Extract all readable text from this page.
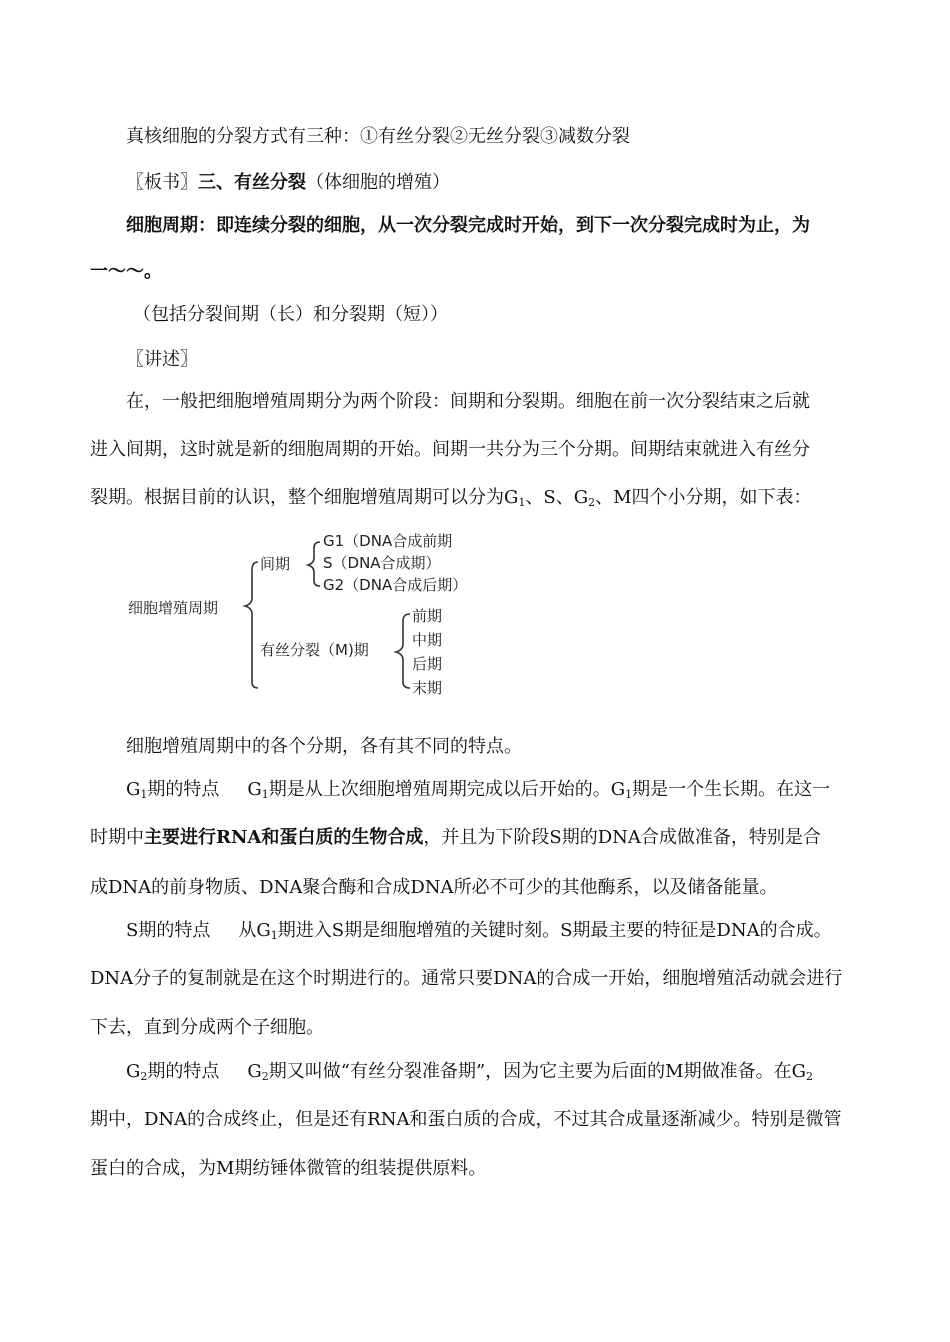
真核细胞的分裂方式有三种：①有丝分裂②无丝分裂③减数分裂
〖板书〗三、有丝分裂（体细胞的增殖）
细胞周期：即连续分裂的细胞，从一次分裂完成时开始，到下一次分裂完成时为止，为
一～～。
（包括分裂间期（长）和分裂期（短））
〖讲述〗
在，一般把细胞增殖周期分为两个阶段：间期和分裂期。细胞在前一次分裂结束之后就
进入间期，这时就是新的细胞周期的开始。间期一共分为三个分期。间期结束就进入有丝分
裂期。根据目前的认识，整个细胞增殖周期可以分为$G_1$、S、$G_2$、M四个小分期，如下表：
细胞增殖周期
间期
G1（DNA合成前期
S（DNA合成期）
G2（DNA合成后期）
有丝分裂（M)期
前期
中期
后期
末期
细胞增殖周期中的各个分期，各有其不同的特点。
$G_1$期的特点 $G_1$期是从上次细胞增殖周期完成以后开始的。$G_1$期是一个生长期。在这一
时期中主要进行RNA和蛋白质的生物合成，并且为下阶段S期的DNA合成做准备，特别是合
成DNA的前身物质、DNA聚合酶和合成DNA所必不可少的其他酶系，以及储备能量。
S期的特点 从$G_1$期进入S期是细胞增殖的关键时刻。S期最主要的特征是DNA的合成。
DNA分子的复制就是在这个时期进行的。通常只要DNA的合成一开始，细胞增殖活动就会进行
下去，直到分成两个子细胞。
$G_2$期的特点 $G_2$期又叫做“有丝分裂准备期”，因为它主要为后面的M期做准备。在$G_2$
期中，DNA的合成终止，但是还有RNA和蛋白质的合成，不过其合成量逐渐减少。特别是微管
蛋白的合成，为M期纺锤体微管的组装提供原料。
